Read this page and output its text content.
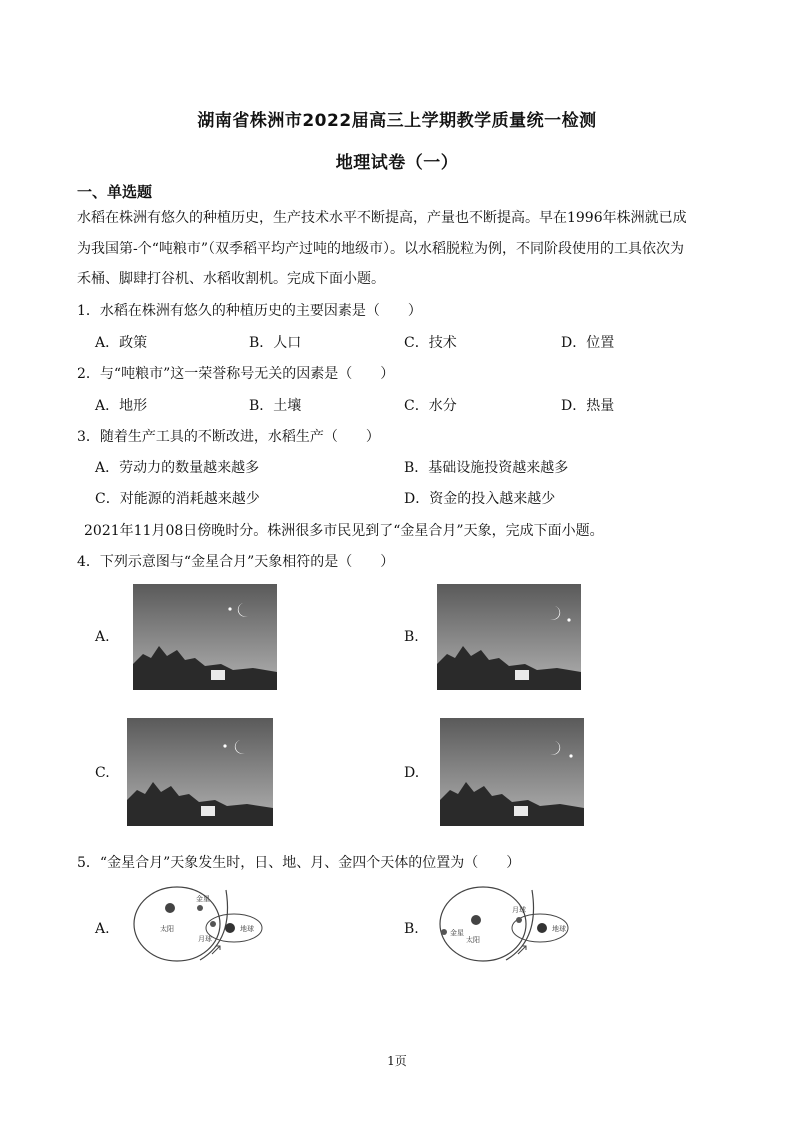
湖南省株洲市2022届高三上学期教学质量统一检测
地理试卷（一）
一、单选题
水稻在株洲有悠久的种植历史，生产技术水平不断提高，产量也不断提高。早在1996年株洲就已成
为我国第-个“吨粮市”（双季稻平均产过吨的地级市）。以水稻脱粒为例，不同阶段使用的工具依次为
禾桶、脚肆打谷机、水稻收割机。完成下面小题。
1．水稻在株洲有悠久的种植历史的主要因素是（　　）
A．政策	B．人口	C．技术	D．位置
2．与“吨粮市”这一荣誉称号无关的因素是（　　）
A．地形	B．土壤	C．水分	D．热量
3．随着生产工具的不断改进，水稻生产（　　）
A．劳动力的数量越来越多	B．基础设施投资越来越多
C．对能源的消耗越来越少	D．资金的投入越来越少
2021年11月08日傍晚时分。株洲很多市民见到了“金星合月”天象，完成下面小题。
4．下列示意图与“金星合月”天象相符的是（　　）
A.	B.
C.	D.
5．“金星合月”天象发生时，日、地、月、金四个天体的位置为（　　）
A.	太阳
金星
地球
月球
B.
太阳
金星	地球
月球
1页
